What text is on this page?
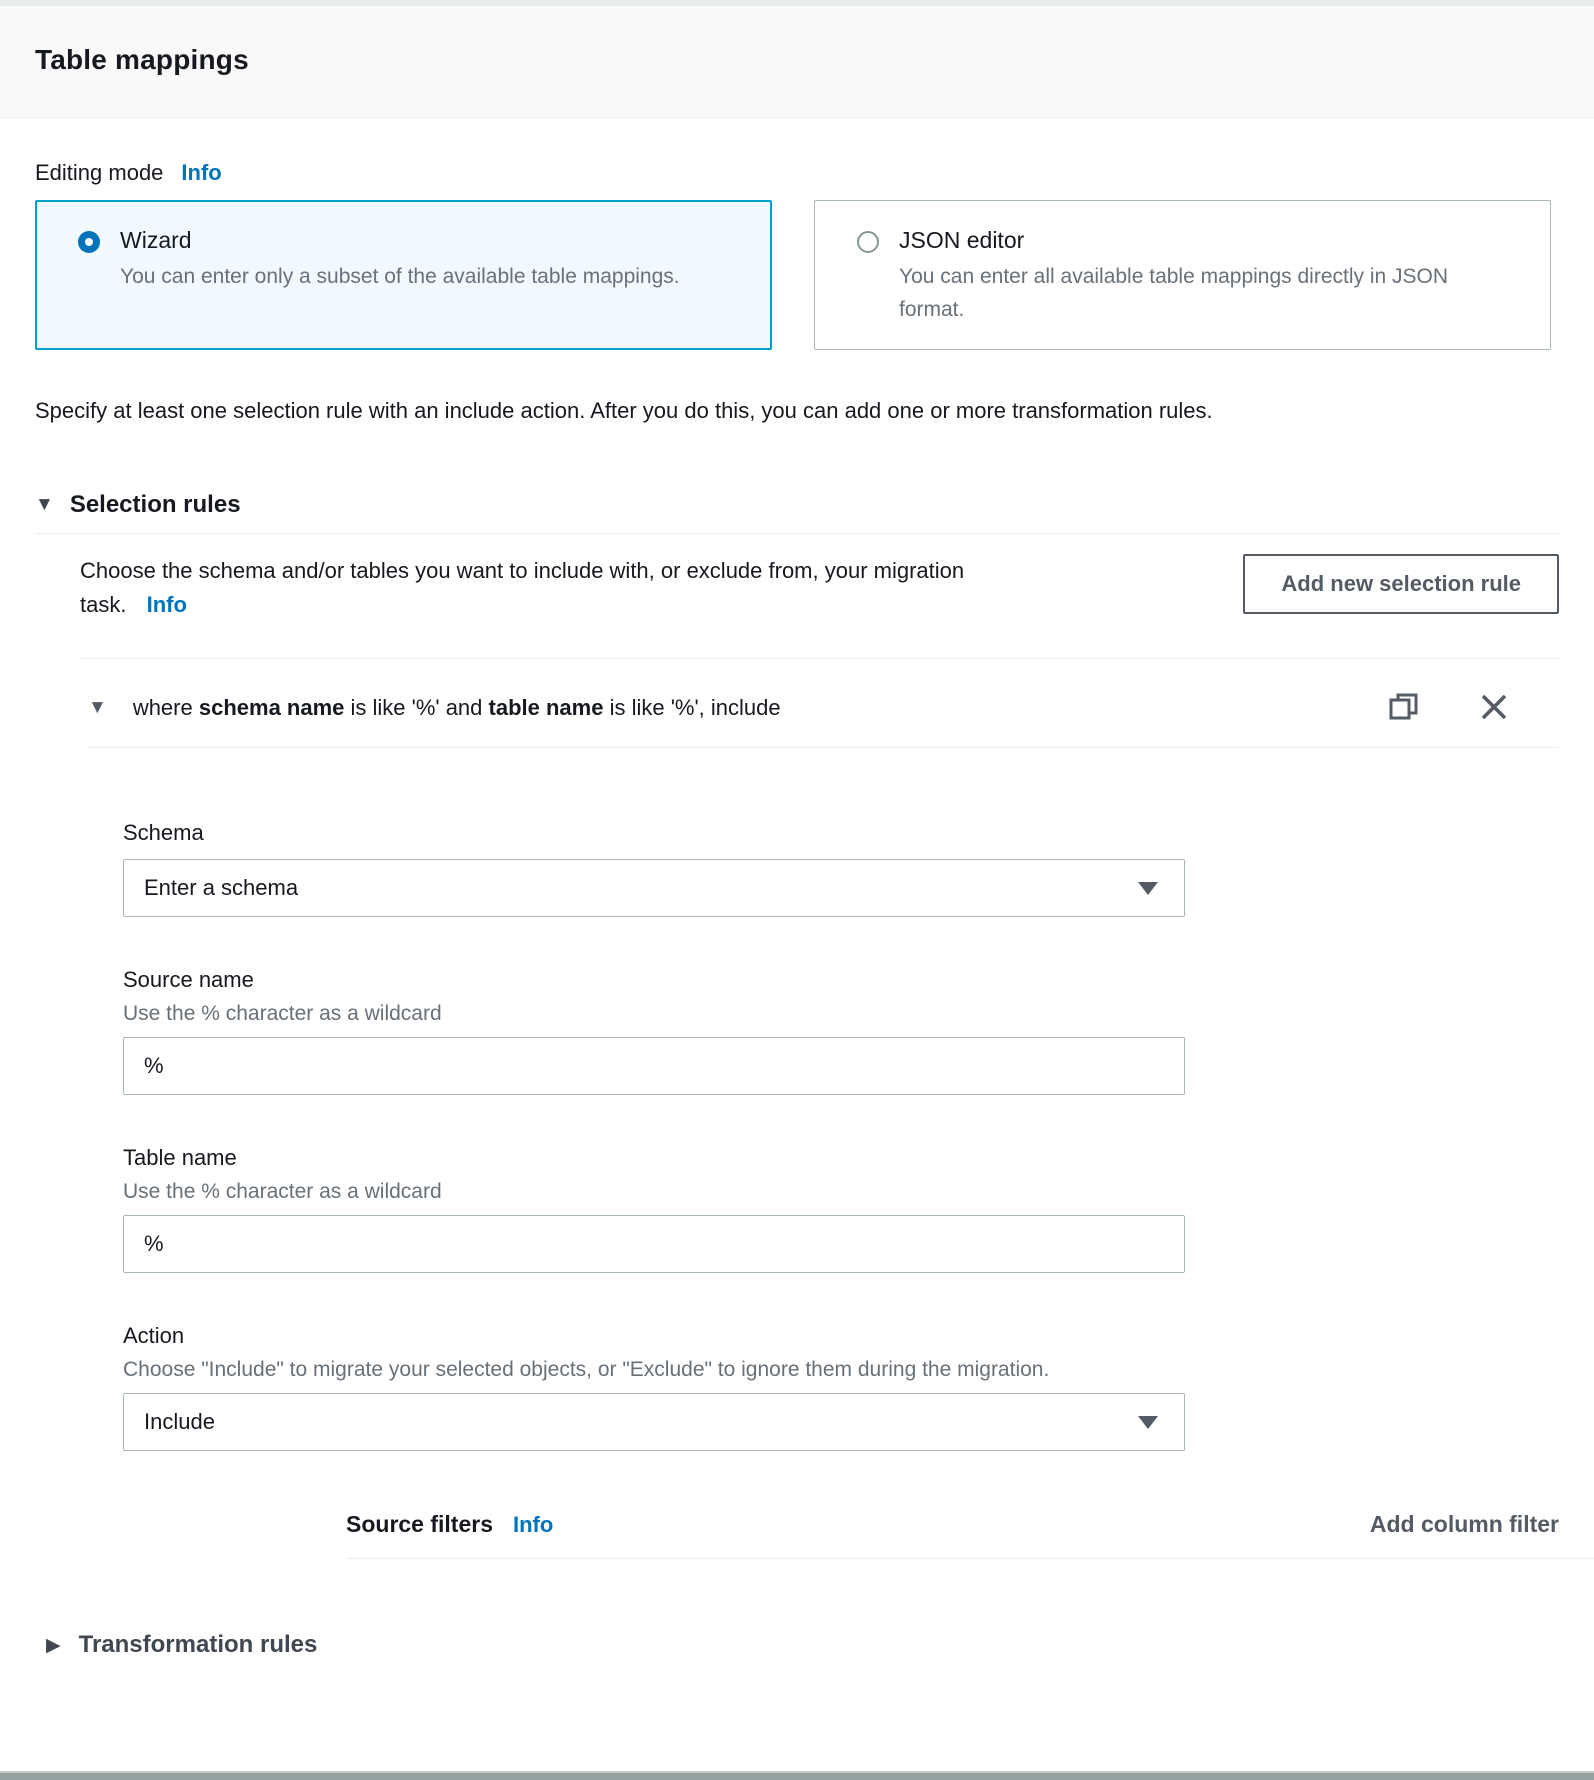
Table mappings
Editing mode Info
Wizard
You can enter only a subset of the available table mappings.
JSON editor
You can enter all available table mappings directly in JSON format.

Specify at least one selection rule with an include action. After you do this, you can add one or more transformation rules.

▼ Selection rules
Choose the schema and/or tables you want to include with, or exclude from, your migration task. Info
Add new selection rule
▼ where schema name is like '%' and table name is like '%', include
Schema
Enter a schema
Source name
Use the % character as a wildcard
%
Table name
Use the % character as a wildcard
%
Action
Choose "Include" to migrate your selected objects, or "Exclude" to ignore them during the migration.
Include
Source filters Info	Add column filter
▶ Transformation rules
